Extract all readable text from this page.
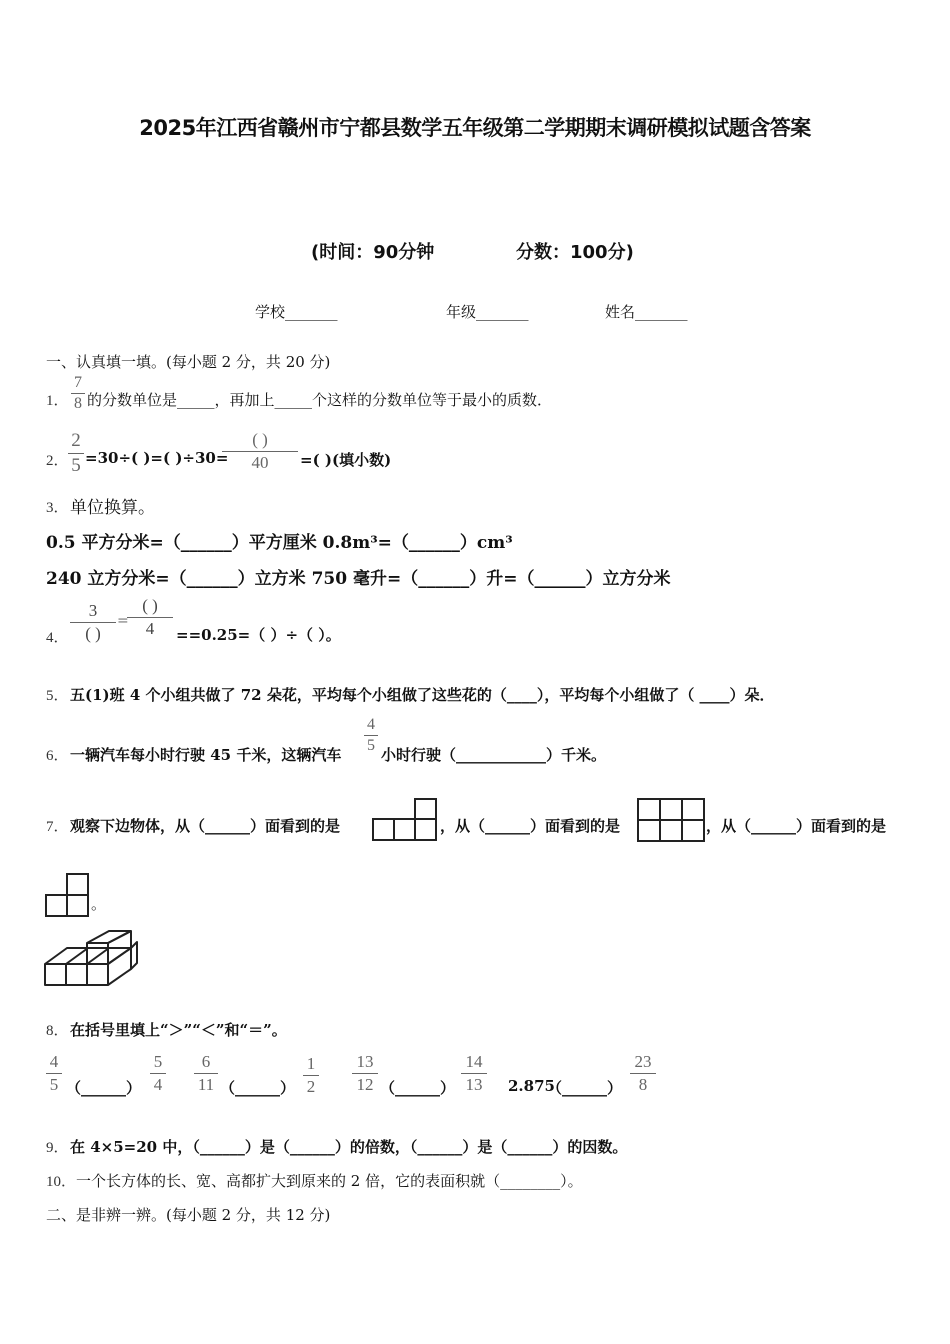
2025年江西省赣州市宁都县数学五年级第二学期期末调研模拟试题含答案
(时间：90分钟	分数：100分)
学校_______	年级_______	姓名_______
一、认真填一填。(每小题 2 分，共 20 分)
1．
7
8 的分数单位是_____，再加上_____个这样的分数单位等于最小的质数．
2．
2
5 =30÷( )=( )÷30=
( )
40	=( )(填小数)
3． 单位换算。
0.5 平方分米=（______）平方厘米 0.8m³=（______）cm³
240 立方分米=（______）立方米 750 毫升=（______）升=（______）立方分米
4．
3
( )
=
( )
4	==0.25=（ ）÷（ ）。
5． 五(1)班 4 个小组共做了 72 朵花，平均每个小组做了这些花的（____），平均每个小组做了（ ____）朵．
6． 一辆汽车每小时行驶 45 千米，这辆汽车
4
5
小时行驶（____________）千米。
7． 观察下边物体，从（______）面看到的是	，从（______）面看到的是	，从（______）面看到的是
。
8． 在括号里填上“＞”“＜”和“＝”。
4
5 （______）
5
4
6
11 （______）
1
2
13
12 （______）
14
13	2.875
（______）
23
8
9． 在 4×5=20 中，（______）是（______）的倍数，（______）是（______）的因数。
10． 一个长方体的长、宽、高都扩大到原来的 2 倍，它的表面积就（________）。
二、是非辨一辨。(每小题 2 分，共 12 分)
